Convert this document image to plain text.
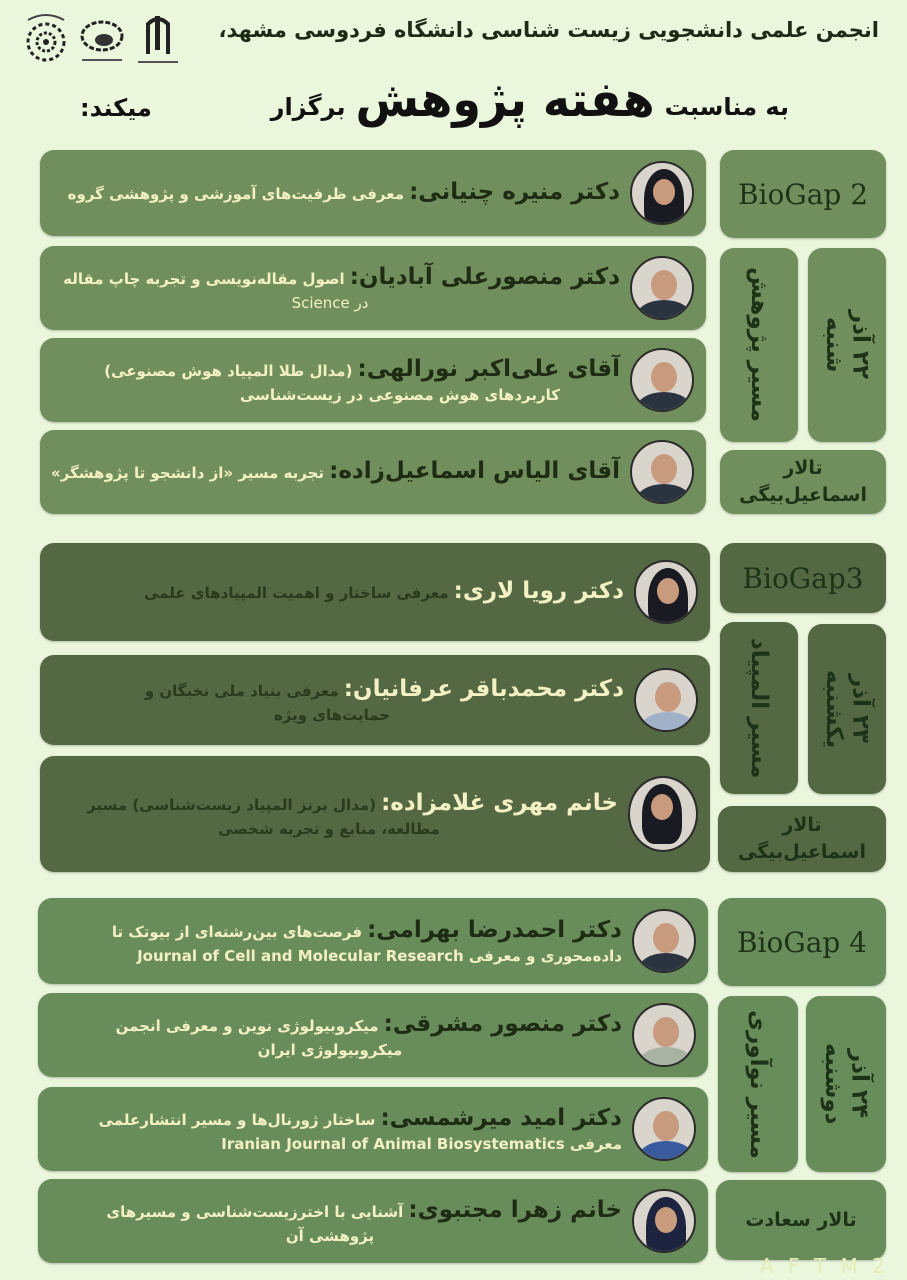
انجمن علمی دانشجویی زیست شناسی دانشگاه فردوسی مشهد،
به مناسبت
هفته پژوهش
برگزار
میکند:
دکتر منیره چنیانی: معرفی ظرفیت‌های آموزشی و پژوهشی گروه
دکتر منصورعلی آبادیان: اصول مقاله‌نویسی و تجربه چاپ مقاله
در Science
آقای علی‌اکبر نورالهی: (مدال طلا المپیاد هوش مصنوعی)
کاربردهای هوش مصنوعی در زیست‌شناسی
آقای الیاس اسماعیل‌زاده: تجربه مسیر «از دانشجو تا پژوهشگر»
BioGap 2
مسیر پژوهش شنبه ۲۲ آذر
تالار
اسماعیل‌بیگی
دکتر رویا لاری: معرفی ساختار و اهمیت المپیادهای علمی
دکتر محمدباقر عرفانیان: معرفی بنیاد ملی نخبگان و
حمایت‌های ویژه
خانم مهری غلامزاده: (مدال برنز المپیاد زیست‌شناسی) مسیر
مطالعه، منابع و تجربه شخصی
BioGap3
مسیر المپیاد یکشنبه ۲۳ آذر
تالار
اسماعیل‌بیگی
دکتر احمدرضا بهرامی: فرصت‌های بین‌رشته‌ای از بیوتک تا
داده‌محوری و معرفی Journal of Cell and Molecular Research
دکتر منصور مشرقی: میکروبیولوژی نوین و معرفی انجمن
میکروبیولوژی ایران
دکتر امید میرشمسی: ساختار ژورنال‌ها و مسیر انتشارعلمی
معرفی Iranian Journal of Animal Biosystematics
خانم زهرا مجتبوی: آشنایی با اخترزیست‌شناسی و مسیرهای
پژوهشی آن
BioGap 4
مسیر نوآوری دوشنبه ۲۴ آذر
تالار سعادت
A F T M 2
